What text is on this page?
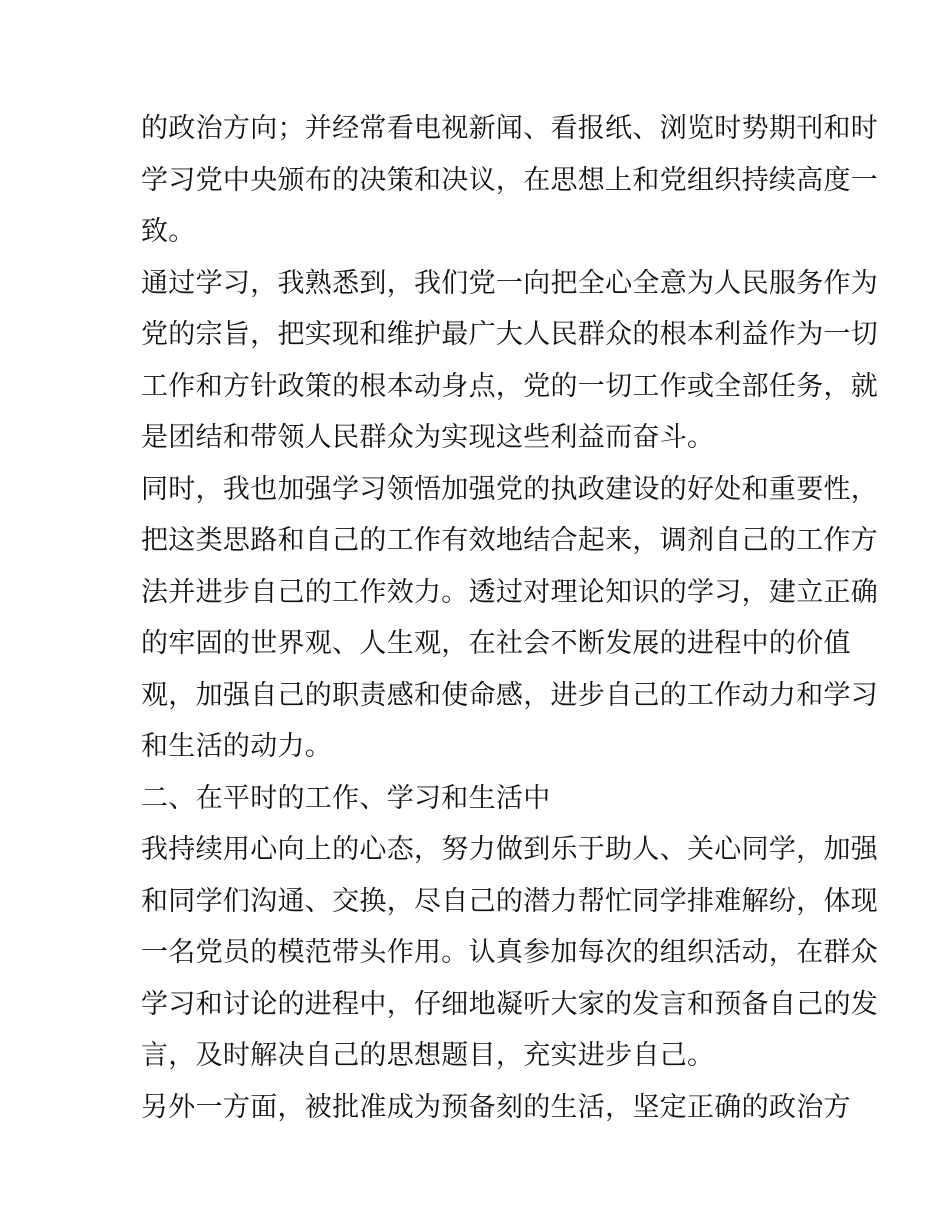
的政治方向；并经常看电视新闻、看报纸、浏览时势期刊和时
学习党中央颁布的决策和决议，在思想上和党组织持续高度一
致。
通过学习，我熟悉到，我们党一向把全心全意为人民服务作为
党的宗旨，把实现和维护最广大人民群众的根本利益作为一切
工作和方针政策的根本动身点，党的一切工作或全部任务，就
是团结和带领人民群众为实现这些利益而奋斗。
同时，我也加强学习领悟加强党的执政建设的好处和重要性，
把这类思路和自己的工作有效地结合起来，调剂自己的工作方
法并进步自己的工作效力。透过对理论知识的学习，建立正确
的牢固的世界观、人生观，在社会不断发展的进程中的价值
观，加强自己的职责感和使命感，进步自己的工作动力和学习
和生活的动力。
二、在平时的工作、学习和生活中
我持续用心向上的心态，努力做到乐于助人、关心同学，加强
和同学们沟通、交换，尽自己的潜力帮忙同学排难解纷，体现
一名党员的模范带头作用。认真参加每次的组织活动，在群众
学习和讨论的进程中，仔细地凝听大家的发言和预备自己的发
言，及时解决自己的思想题目，充实进步自己。
另外一方面，被批准成为预备刻的生活，坚定正确的政治方
